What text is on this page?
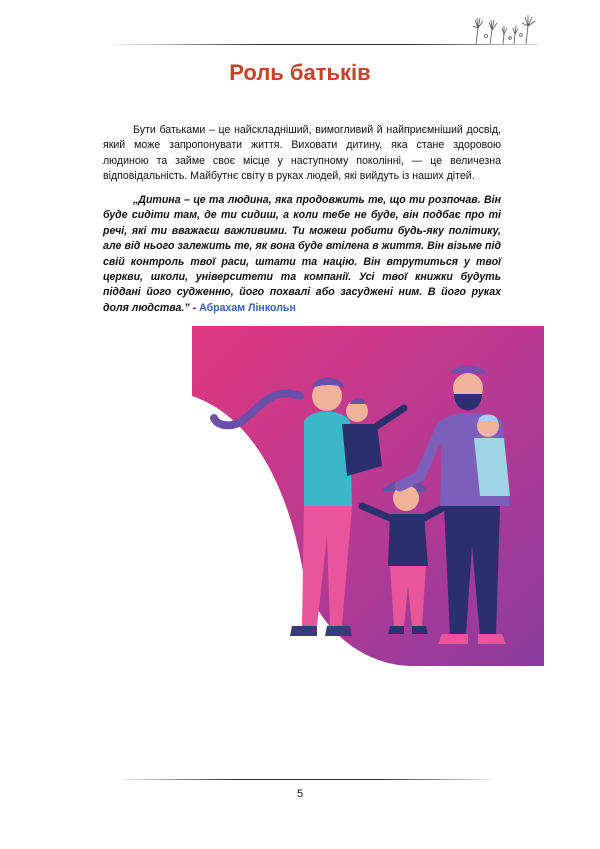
Роль батьків

Бути батьками – це найскладніший, вимогливий й найприємніший досвід, який може запропонувати життя. Виховати дитину, яка стане здоровою людиною та займе своє місце у наступному поколінні, — це величезна відповідальність. Майбутнє світу в руках людей, які вийдуть із наших дітей.

„Дитина – це та людина, яка продовжить те, що ти розпочав. Він буде сидіти там, де ти сидиш, а коли тебе не буде, він подбає про ті речі, які ти вважаєш важливими. Ти можеш робити будь-яку політику, але від нього залежить те, як вона буде втілена в життя. Він візьме під свій контроль твої раси, штати та націю. Він втрутиться у твої церкви, школи, університети та компанії. Усі твої книжки будуть піддані його судженню, його похвалі або засуджені ним. В його руках доля людства.” - Абрахам Лінкольн

5
